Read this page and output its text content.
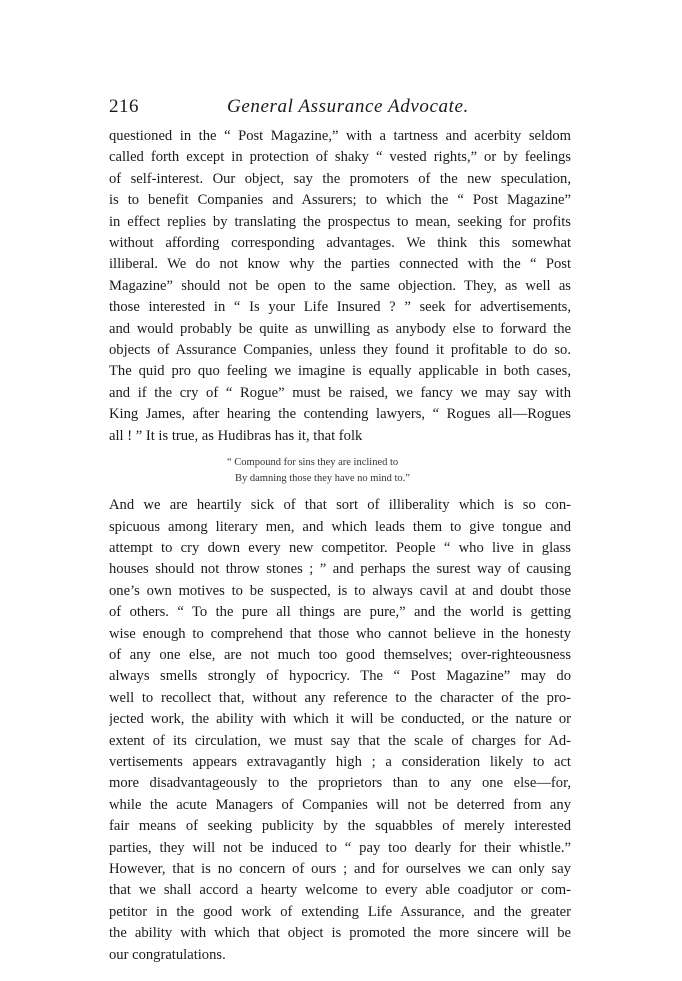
216	General Assurance Advocate.
questioned in the “ Post Magazine,” with a tartness and acerbity seldom
called forth except in protection of shaky “ vested rights,” or by feelings
of self-interest. Our object, say the promoters of the new speculation,
is to benefit Companies and Assurers; to which the “ Post Magazine”
in effect replies by translating the prospectus to mean, seeking for profits
without affording corresponding advantages. We think this somewhat
illiberal. We do not know why the parties connected with the “ Post
Magazine” should not be open to the same objection. They, as well as
those interested in “ Is your Life Insured ? ” seek for advertisements,
and would probably be quite as unwilling as anybody else to forward the
objects of Assurance Companies, unless they found it profitable to do so.
The quid pro quo feeling we imagine is equally applicable in both cases,
and if the cry of “ Rogue” must be raised, we fancy we may say with
King James, after hearing the contending lawyers, “ Rogues all—Rogues
all ! ” It is true, as Hudibras has it, that folk
“ Compound for sins they are inclined to
By damning those they have no mind to.”
And we are heartily sick of that sort of illiberality which is so con-
spicuous among literary men, and which leads them to give tongue and
attempt to cry down every new competitor. People “ who live in glass
houses should not throw stones ; ” and perhaps the surest way of causing
one’s own motives to be suspected, is to always cavil at and doubt those
of others. “ To the pure all things are pure,” and the world is getting
wise enough to comprehend that those who cannot believe in the honesty
of any one else, are not much too good themselves; over-righteousness
always smells strongly of hypocricy. The “ Post Magazine” may do
well to recollect that, without any reference to the character of the pro-
jected work, the ability with which it will be conducted, or the nature or
extent of its circulation, we must say that the scale of charges for Ad-
vertisements appears extravagantly high ; a consideration likely to act
more disadvantageously to the proprietors than to any one else—for,
while the acute Managers of Companies will not be deterred from any
fair means of seeking publicity by the squabbles of merely interested
parties, they will not be induced to “ pay too dearly for their whistle.”
However, that is no concern of ours ; and for ourselves we can only say
that we shall accord a hearty welcome to every able coadjutor or com-
petitor in the good work of extending Life Assurance, and the greater
the ability with which that object is promoted the more sincere will be
our congratulations.
